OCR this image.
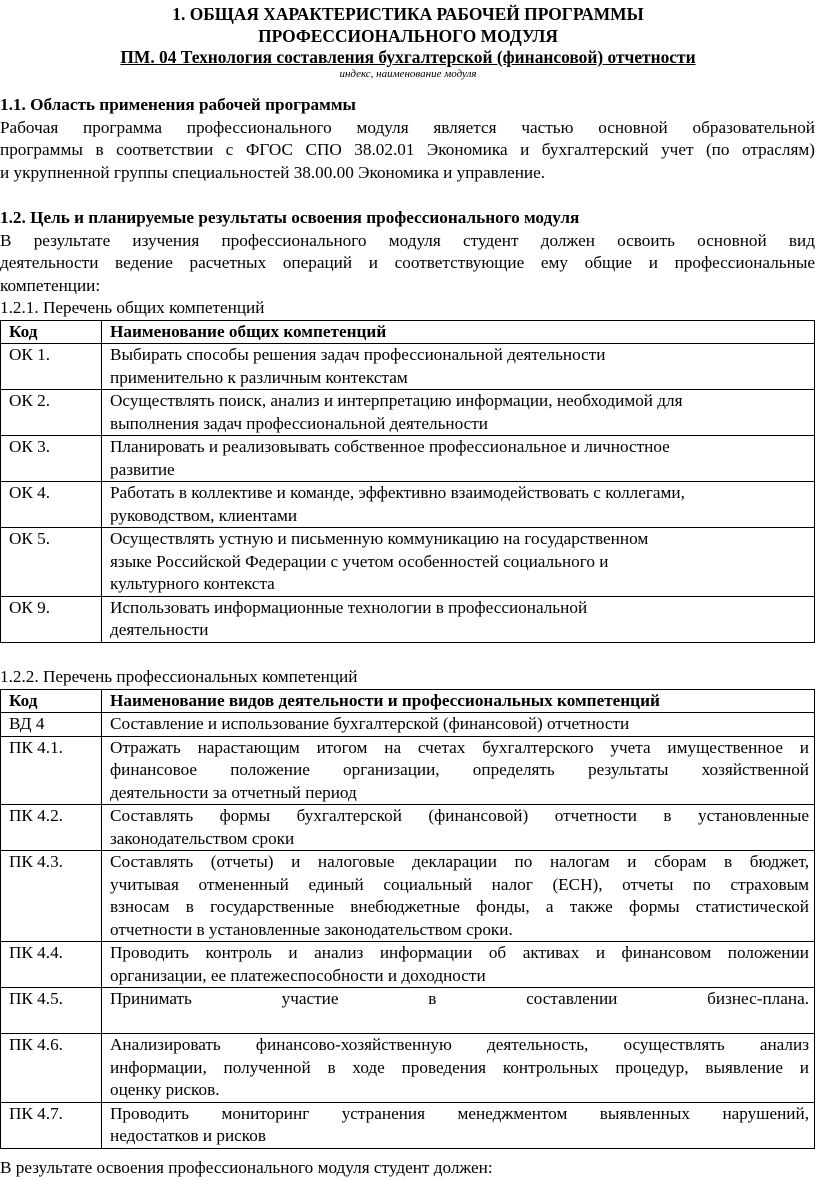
1. ОБЩАЯ ХАРАКТЕРИСТИКА РАБОЧЕЙ ПРОГРАММЫ

ПРОФЕССИОНАЛЬНОГО МОДУЛЯ

ПМ. 04 Технология составления бухгалтерской (финансовой) отчетности

индекс, наименование модуля

1.1. Область применения рабочей программы

Рабочая программа профессионального модуля является частью основной образовательной

программы в соответствии с ФГОС СПО 38.02.01 Экономика и бухгалтерский учет (по отраслям)

и укрупненной группы специальностей 38.00.00 Экономика и управление.

1.2. Цель и планируемые результаты освоения профессионального модуля

В результате изучения профессионального модуля студент должен освоить основной вид

деятельности ведение расчетных операций и соответствующие ему общие и профессиональные

компетенции:

1.2.1. Перечень общих компетенций

Код	Наименование общих компетенций
ОК 1.	Выбирать способы решения задач профессиональной деятельности
применительно к различным контекстам

ОК 2.	Осуществлять поиск, анализ и интерпретацию информации, необходимой для
выполнения задач профессиональной деятельности

ОК 3.	Планировать и реализовывать собственное профессиональное и личностное
развитие

ОК 4.	Работать в коллективе и команде, эффективно взаимодействовать с коллегами,
руководством, клиентами

ОК 5.	Осуществлять устную и письменную коммуникацию на государственном
языке Российской Федерации с учетом особенностей социального и
культурного контекста

ОК 9.	Использовать информационные технологии в профессиональной
деятельности

1.2.2. Перечень профессиональных компетенций

Код	Наименование видов деятельности и профессиональных компетенций
ВД 4	Составление и использование бухгалтерской (финансовой) отчетности

ПК 4.1.	Отражать нарастающим итогом на счетах бухгалтерского учета имущественное и
финансовое положение организации, определять результаты хозяйственной
деятельности за отчетный период

ПК 4.2.	Составлять формы бухгалтерской (финансовой) отчетности в установленные
законодательством сроки

ПК 4.3.	Составлять (отчеты) и налоговые декларации по налогам и сборам в бюджет,
учитывая отмененный единый социальный налог (ЕСН), отчеты по страховым
взносам в государственные внебюджетные фонды, а также формы статистической
отчетности в установленные законодательством сроки.

ПК 4.4.	Проводить контроль и анализ информации об активах и финансовом положении
организации, ее платежеспособности и доходности

ПК 4.5.	Принимать участие в составлении бизнес-плана.

ПК 4.6.	Анализировать финансово-хозяйственную деятельность, осуществлять анализ
информации, полученной в ходе проведения контрольных процедур, выявление и
оценку рисков.

ПК 4.7.	Проводить мониторинг устранения менеджментом выявленных нарушений,
недостатков и рисков

В результате освоения профессионального модуля студент должен:
